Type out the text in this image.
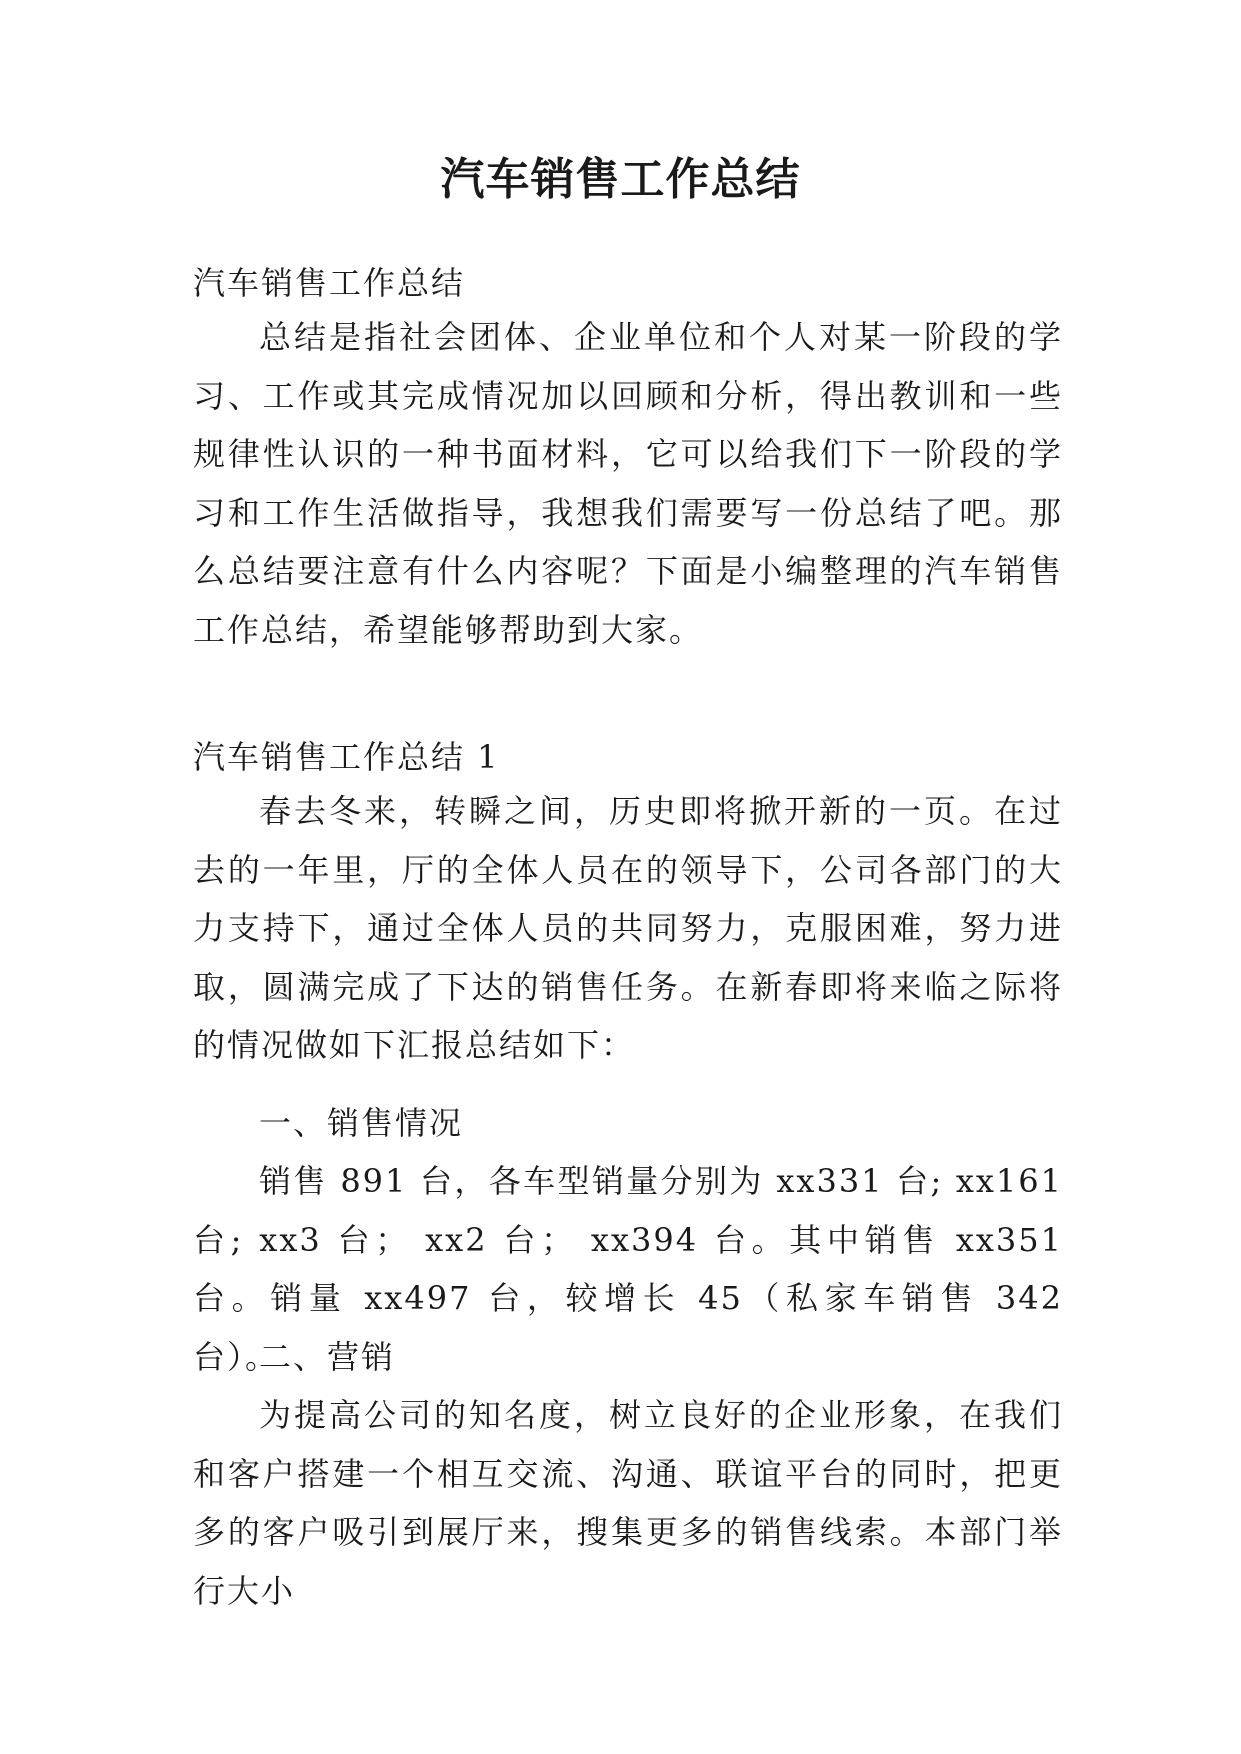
汽车销售工作总结

汽车销售工作总结

总结是指社会团体、企业单位和个人对某一阶段的学习、工作或其完成情况加以回顾和分析，得出教训和一些规律性认识的一种书面材料，它可以给我们下一阶段的学习和工作生活做指导，我想我们需要写一份总结了吧。那么总结要注意有什么内容呢？下面是小编整理的汽车销售工作总结，希望能够帮助到大家。

汽车销售工作总结 1

春去冬来，转瞬之间，历史即将掀开新的一页。在过去的一年里，厅的全体人员在的领导下，公司各部门的大力支持下，通过全体人员的共同努力，克服困难，努力进取，圆满完成了下达的销售任务。在新春即将来临之际将的情况做如下汇报总结如下：

一、销售情况

销售 891 台，各车型销量分别为 xx331 台; xx161 台; xx3 台； xx2 台； xx394 台。其中销售 xx351 台。销量 xx497 台，较增长 45（私家车销售 342 台）。

二、营销

为提高公司的知名度，树立良好的企业形象，在我们和客户搭建一个相互交流、沟通、联谊平台的同时，把更多的客户吸引到展厅来，搜集更多的销售线索。本部门举行大小
